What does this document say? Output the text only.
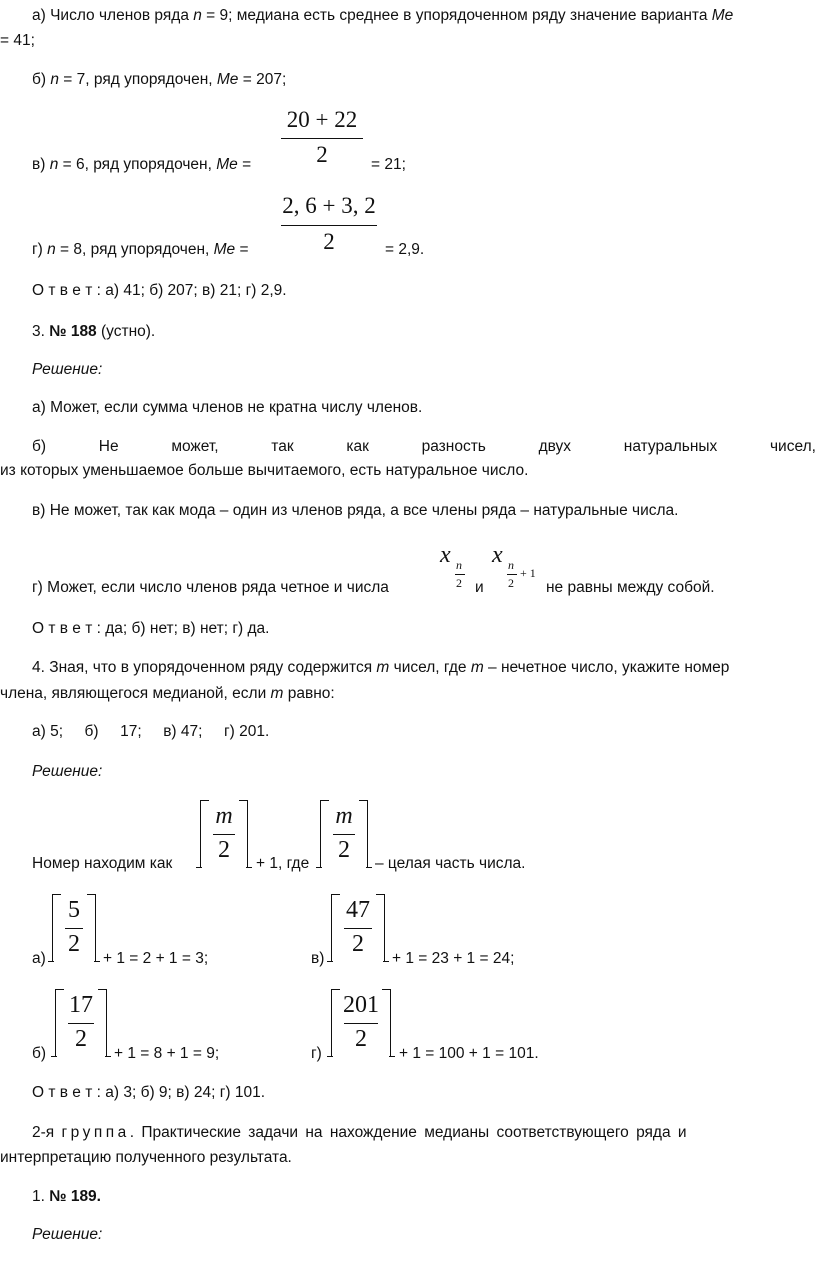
а) Число членов ряда n = 9; медиана есть среднее в упорядоченном ряду значение варианта Me
= 41;
б) n = 7, ряд упорядочен, Me = 207;
20 + 22
2
в) n = 6, ряд упорядочен, Me =	= 21;
2, 6 + 3, 2
2
г) n = 8, ряд упорядочен, Me =	= 2,9.
О т в е т : а) 41; б) 207; в) 21; г) 2,9.
3. № 188 (устно).
Решение:
а) Может, если сумма членов не кратна числу членов.
б)	Не	может,	так	как	разность	двух	натуральных	чисел,
из которых уменьшаемое больше вычитаемого, есть натуральное число.
в) Не может, так как мода – один из членов ряда, а все члены ряда – натуральные числа.
г) Может, если число членов ряда четное и числа
x n
2 и
x n
2
+ 1
не равны между собой.
О т в е т : да; б) нет; в) нет; г) да.
4. Зная, что в упорядоченном ряду содержится m чисел, где m – нечетное число, укажите номер
члена, являющегося медианой, если m равно:
а) 5;     б)     17;     в) 47;     г) 201.
Решение:
Номер находим как
m
2
+ 1, где
m
2
– целая часть числа.
а)
5
2
+ 1 = 2 + 1 = 3;	в)
47
2
+ 1 = 23 + 1 = 24;
б)
17
2
+ 1 = 8 + 1 = 9;	г)
201
2
+ 1 = 100 + 1 = 101.
О т в е т : а) 3; б) 9; в) 24; г) 101.
2-я группа. Практические задачи на нахождение медианы соответствующего ряда и
интерпретацию полученного результата.
1. № 189.
Решение:
